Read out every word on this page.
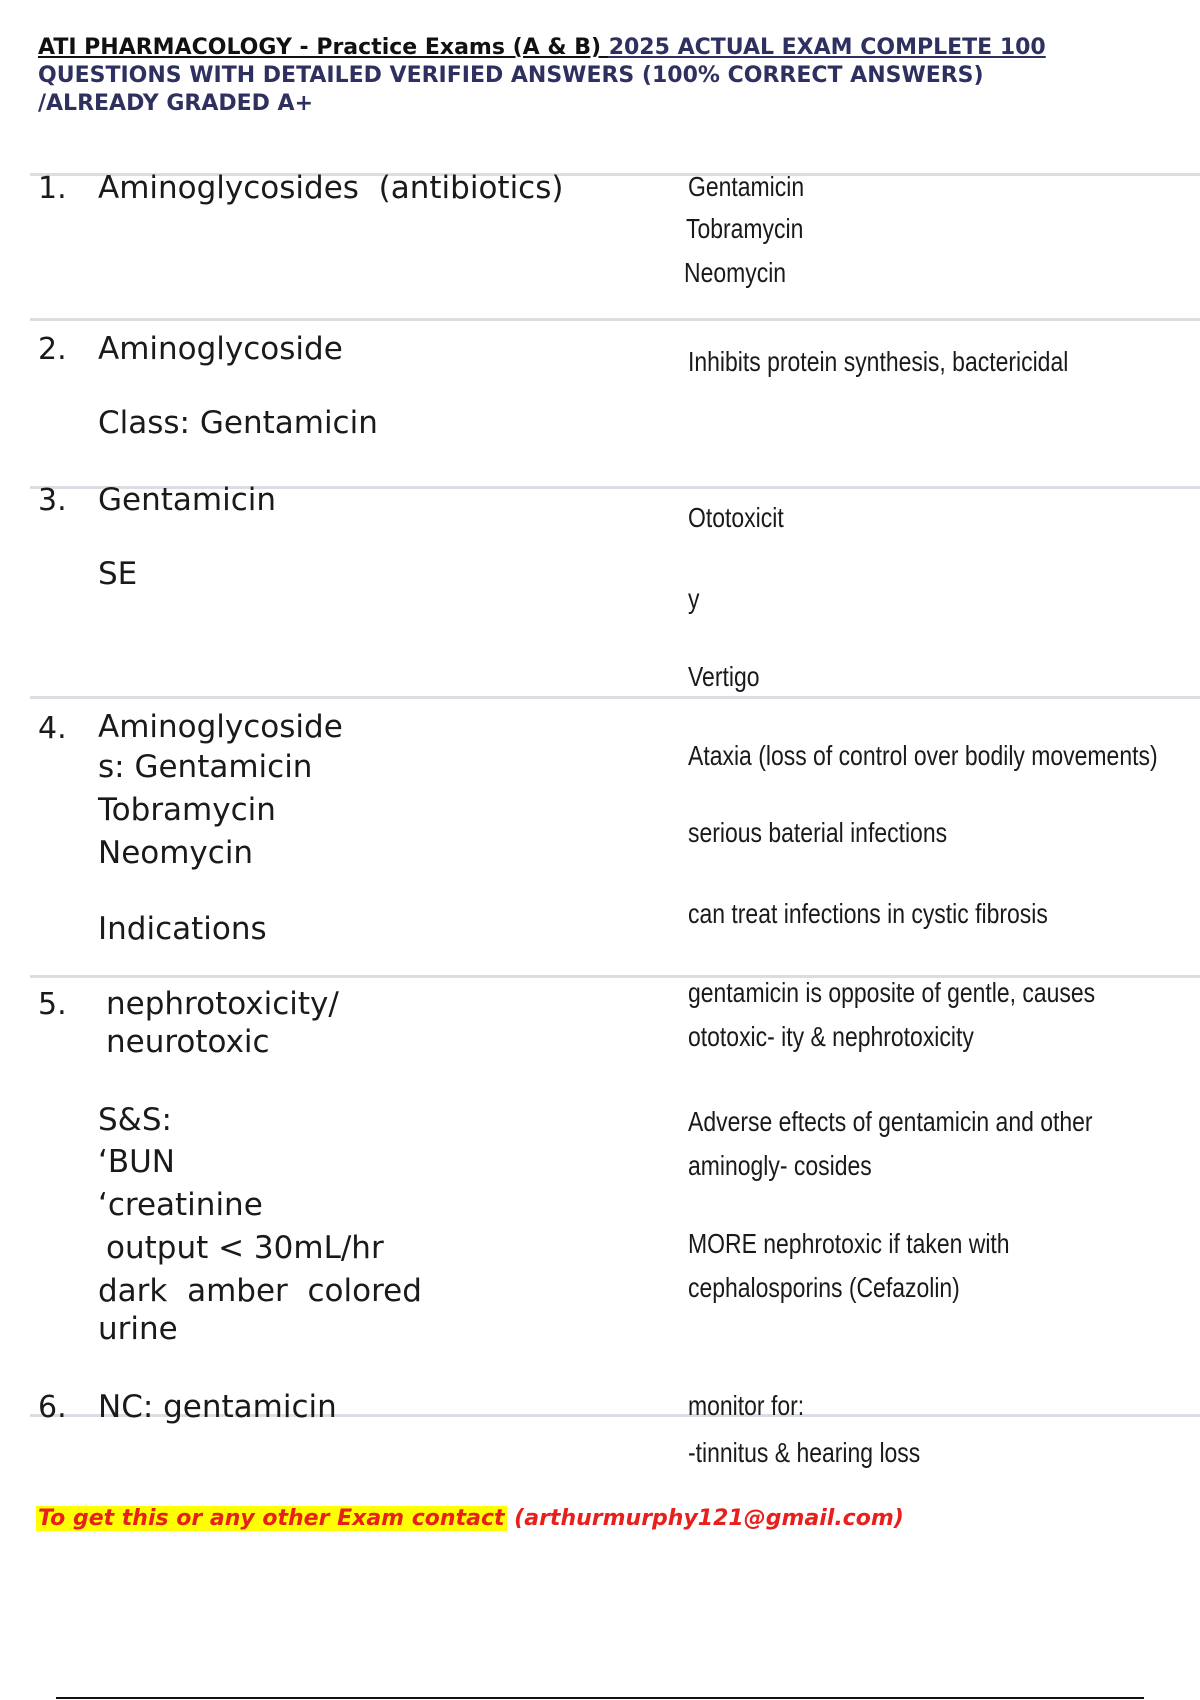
ATI PHARMACOLOGY - Practice Exams (A & B) 2025 ACTUAL EXAM COMPLETE 100
QUESTIONS WITH DETAILED VERIFIED ANSWERS (100% CORRECT ANSWERS)
/ALREADY GRADED A+
1. Aminoglycosides  (antibiotics)	Gentamicin
Tobramycin
Neomycin
2. Aminoglycoside
Class: Gentamicin
Inhibits protein synthesis, bactericidal
3. Gentamicin
SE
Ototoxicit
y
Vertigo
4. Aminoglycoside
s: Gentamicin
Tobramycin
Neomycin
Indications
Ataxia (loss of control over bodily movements)
serious baterial infections
can treat infections in cystic fibrosis
5. nephrotoxicity/
neurotoxic
S&S:
‘BUN
‘creatinine
output < 30mL/hr
dark  amber  colored
urine
gentamicin is opposite of gentle, causes
ototoxic- ity & nephrotoxicity
Adverse eftects of gentamicin and other
aminogly- cosides
MORE nephrotoxic if taken with
cephalosporins (Cefazolin)
6. NC: gentamicin	monitor for:
-tinnitus & hearing loss
To get this or any other Exam contact (arthurmurphy121@gmail.com)
